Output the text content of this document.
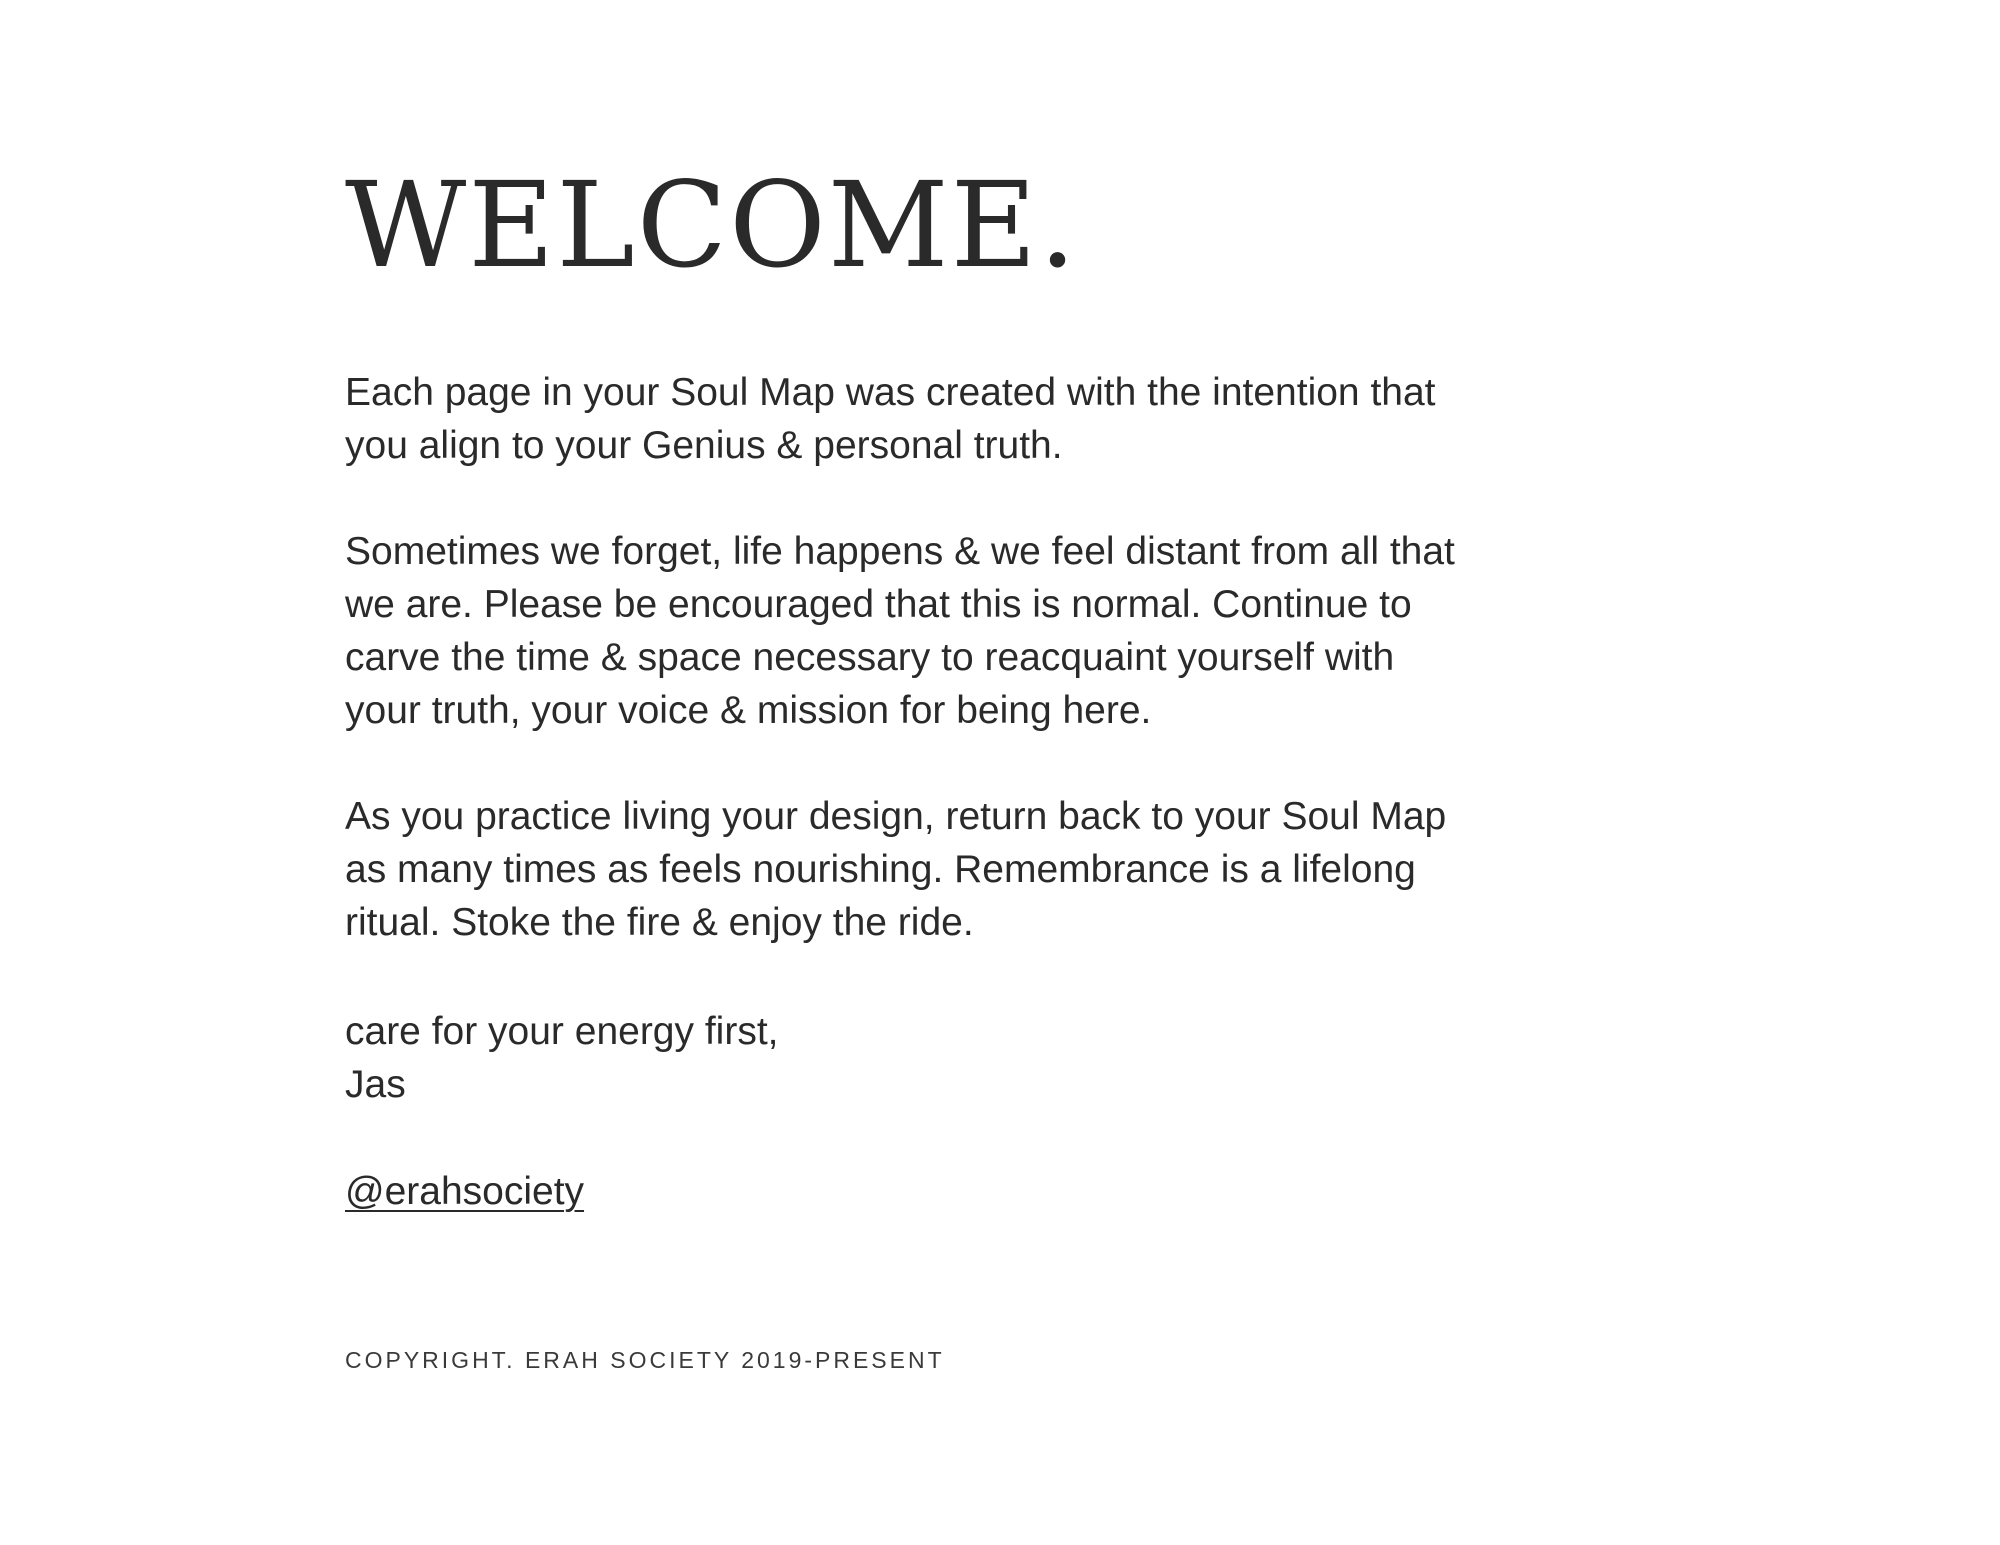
WELCOME.

Each page in your Soul Map was created with the intention that
you align to your Genius & personal truth.

Sometimes we forget, life happens & we feel distant from all that
we are. Please be encouraged that this is normal. Continue to
carve the time & space necessary to reacquaint yourself with
your truth, your voice & mission for being here.

As you practice living your design, return back to your Soul Map
as many times as feels nourishing. Remembrance is a lifelong
ritual. Stoke the fire & enjoy the ride.

care for your energy first,
Jas

@erahsociety
COPYRIGHT. ERAH SOCIETY 2019-PRESENT
